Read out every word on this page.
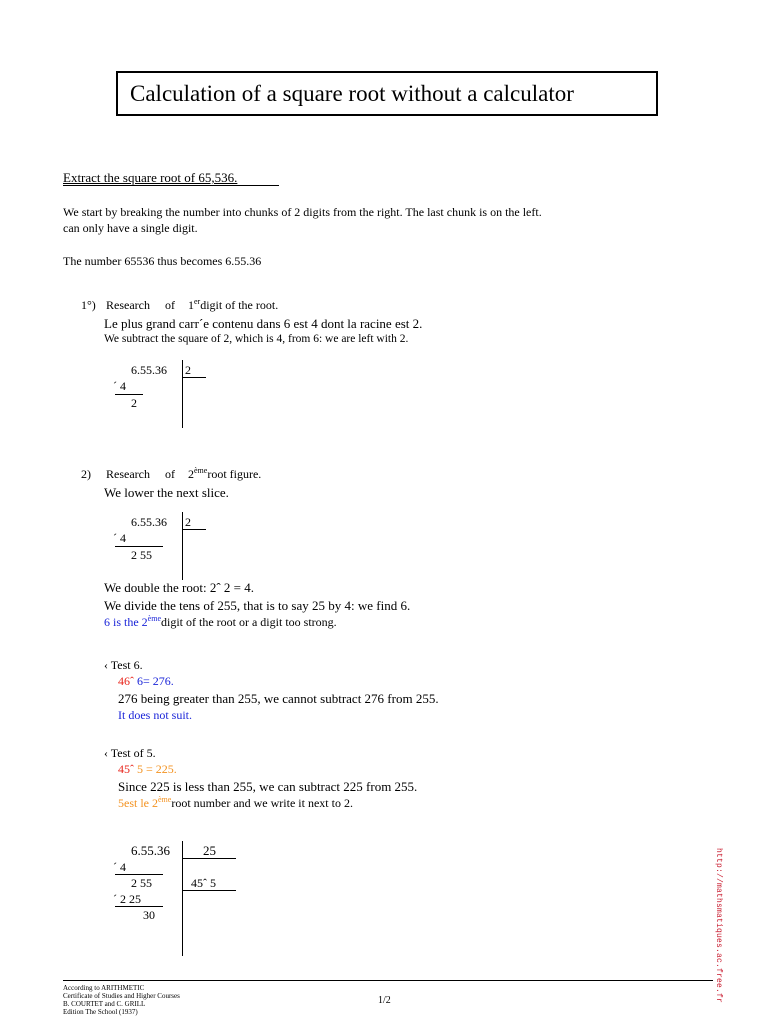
Calculation of a square root without a calculator
Extract the square root of 65,536.
We start by breaking the number into chunks of 2 digits from the right. The last chunk is on the left.
can only have a single digit.
The number 65536 thus becomes 6.55.36
1°) Research of 1erdigit of the root.
Le plus grand carr´e contenu dans 6 est 4 dont la racine est 2.
We subtract the square of 2, which is 4, from 6: we are left with 2.
6.55.36 2
´ 4
2
2) Research of 2èmeroot figure.
We lower the next slice.
6.55.36 2
´ 4
2 55
We double the root: 2ˆ 2 = 4.
We divide the tens of 255, that is to say 25 by 4: we find 6.
6 is the 2èmedigit of the root or a digit too strong.
‹ Test 6.
46ˆ 6= 276.
276 being greater than 255, we cannot subtract 276 from 255.
It does not suit.
‹ Test of 5.
45ˆ 5 = 225.
Since 225 is less than 255, we can subtract 225 from 255.
5est le 2èmeroot number and we write it next to 2.
6.55.36	25
´ 4
2 55	45ˆ 5
´ 2 25
30	http://mathsmatiques.ac.free.fr
According to ARITHMETIC
Certificate of Studies and Higher Courses
B. COURTET and C. GRILL
Edition The School (1937)
1/2
